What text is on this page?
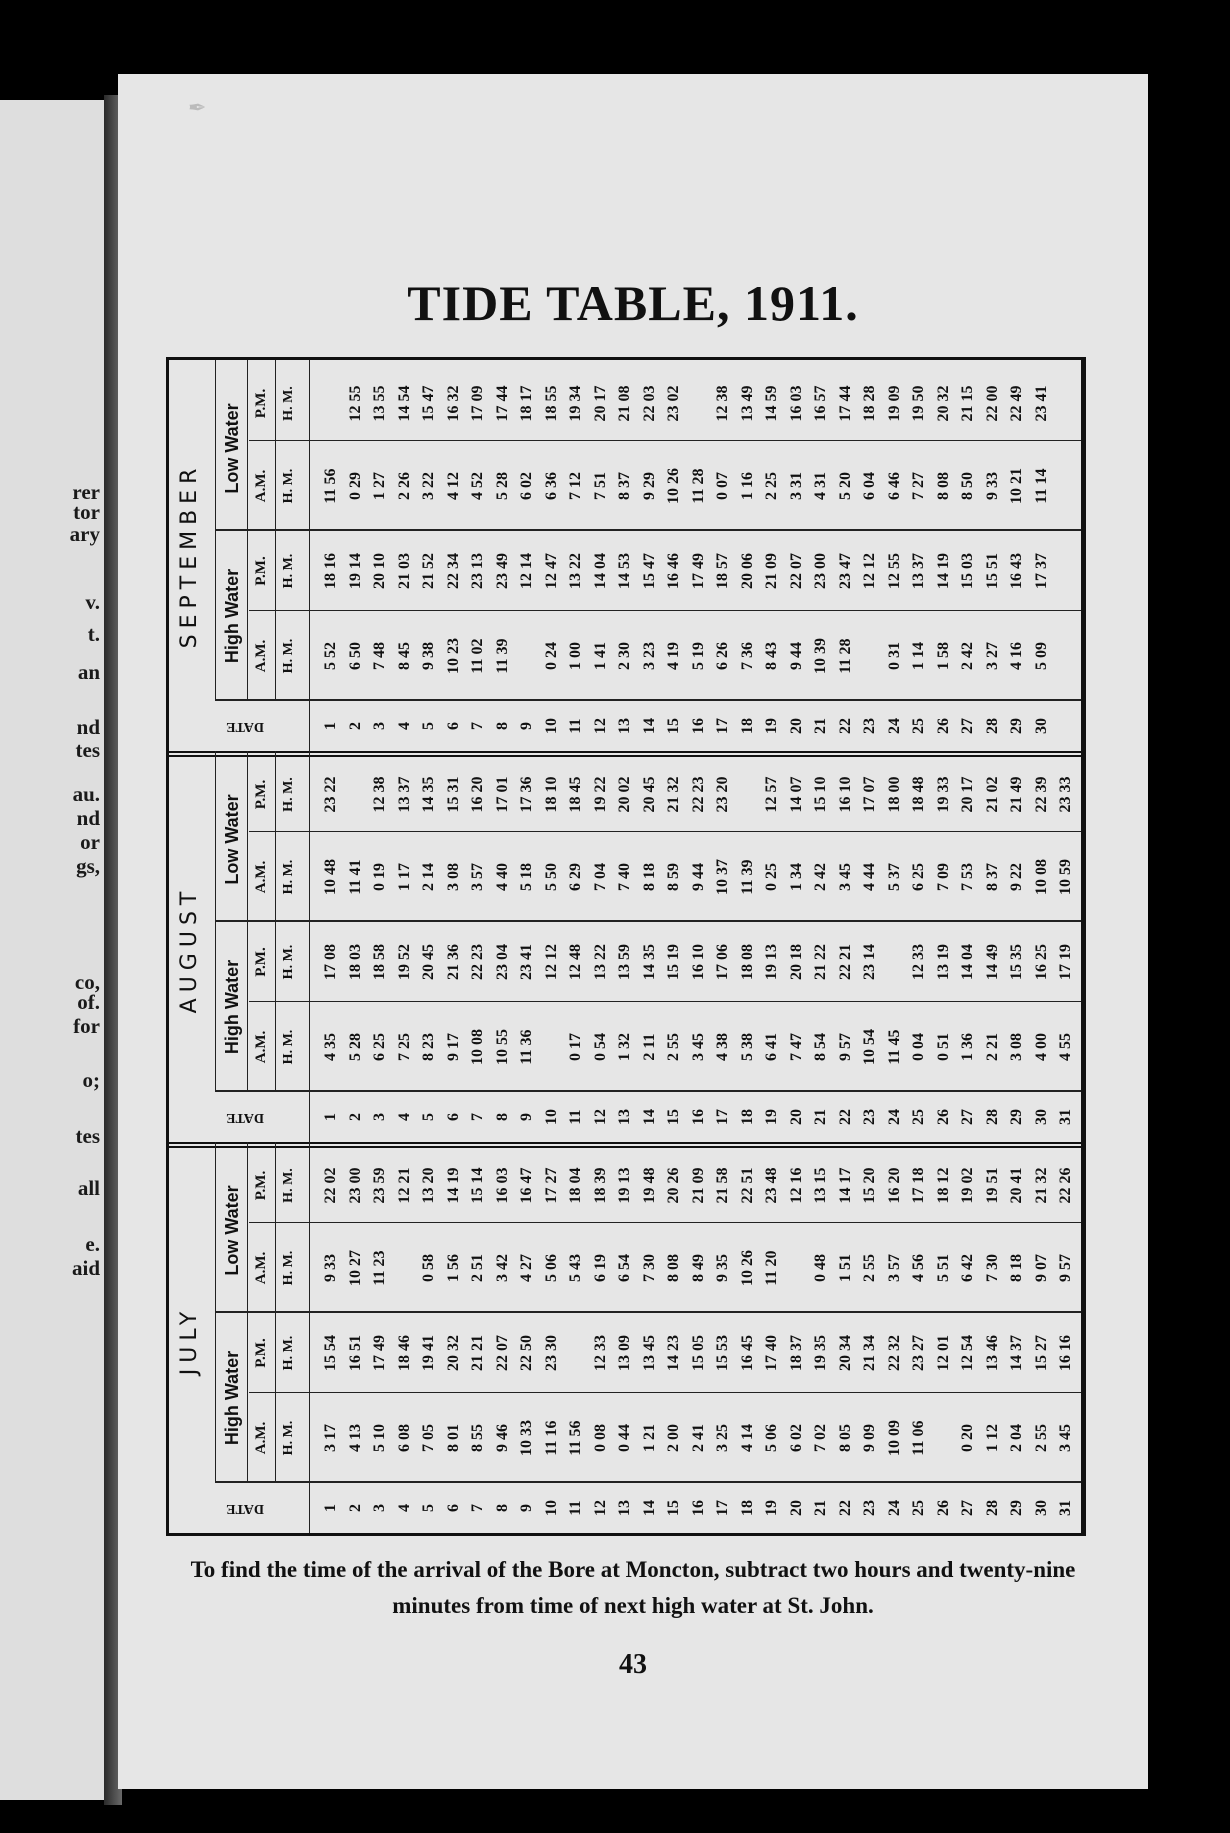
rer
tor
ary
v.
t.
an
nd
tes
au.
nd
or
gs,
co,
of.
for
o;
tes
all
e.
aid
✒
TIDE TABLE, 1911.
JULY
DATE
High Water
Low Water
A.M. H. M.
P.M. H. M.
A.M. H. M.
P.M. H. M.
1
3 17
15 54
9 33
22 02
2
4 13
16 51
10 27
23 00
3
5 10
17 49
11 23
23 59
4
6 08
18 46
12 21
5
7 05
19 41
0 58
13 20
6
8 01
20 32
1 56
14 19
7
8 55
21 21
2 51
15 14
8
9 46
22 07
3 42
16 03
9
10 33
22 50
4 27
16 47
10
11 16
23 30
5 06
17 27
11
11 56
5 43
18 04
12
0 08
12 33
6 19
18 39
13
0 44
13 09
6 54
19 13
14
1 21
13 45
7 30
19 48
15
2 00
14 23
8 08
20 26
16
2 41
15 05
8 49
21 09
17
3 25
15 53
9 35
21 58
18
4 14
16 45
10 26
22 51
19
5 06
17 40
11 20
23 48
20
6 02
18 37
12 16
21
7 02
19 35
0 48
13 15
22
8 05
20 34
1 51
14 17
23
9 09
21 34
2 55
15 20
24
10 09
22 32
3 57
16 20
25
11 06
23 27
4 56
17 18
26
12 01
5 51
18 12
27
0 20
12 54
6 42
19 02
28
1 12
13 46
7 30
19 51
29
2 04
14 37
8 18
20 41
30
2 55
15 27
9 07
21 32
31
3 45
16 16
9 57
22 26
AUGUST
DATE
High Water
Low Water
A.M. H. M.
P.M. H. M.
A.M. H. M.
P.M. H. M.
1
4 35
17 08
10 48
23 22
2
5 28
18 03
11 41
3
6 25
18 58
0 19
12 38
4
7 25
19 52
1 17
13 37
5
8 23
20 45
2 14
14 35
6
9 17
21 36
3 08
15 31
7
10 08
22 23
3 57
16 20
8
10 55
23 04
4 40
17 01
9
11 36
23 41
5 18
17 36
10
12 12
5 50
18 10
11
0 17
12 48
6 29
18 45
12
0 54
13 22
7 04
19 22
13
1 32
13 59
7 40
20 02
14
2 11
14 35
8 18
20 45
15
2 55
15 19
8 59
21 32
16
3 45
16 10
9 44
22 23
17
4 38
17 06
10 37
23 20
18
5 38
18 08
11 39
19
6 41
19 13
0 25
12 57
20
7 47
20 18
1 34
14 07
21
8 54
21 22
2 42
15 10
22
9 57
22 21
3 45
16 10
23
10 54
23 14
4 44
17 07
24
11 45
5 37
18 00
25
0 04
12 33
6 25
18 48
26
0 51
13 19
7 09
19 33
27
1 36
14 04
7 53
20 17
28
2 21
14 49
8 37
21 02
29
3 08
15 35
9 22
21 49
30
4 00
16 25
10 08
22 39
31
4 55
17 19
10 59
23 33
SEPTEMBER
DATE
High Water
Low Water
A.M. H. M.
P.M. H. M.
A.M. H. M.
P.M. H. M.
1
5 52
18 16
11 56
2
6 50
19 14
0 29
12 55
3
7 48
20 10
1 27
13 55
4
8 45
21 03
2 26
14 54
5
9 38
21 52
3 22
15 47
6
10 23
22 34
4 12
16 32
7
11 02
23 13
4 52
17 09
8
11 39
23 49
5 28
17 44
9
12 14
6 02
18 17
10
0 24
12 47
6 36
18 55
11
1 00
13 22
7 12
19 34
12
1 41
14 04
7 51
20 17
13
2 30
14 53
8 37
21 08
14
3 23
15 47
9 29
22 03
15
4 19
16 46
10 26
23 02
16
5 19
17 49
11 28
17
6 26
18 57
0 07
12 38
18
7 36
20 06
1 16
13 49
19
8 43
21 09
2 25
14 59
20
9 44
22 07
3 31
16 03
21
10 39
23 00
4 31
16 57
22
11 28
23 47
5 20
17 44
23
12 12
6 04
18 28
24
0 31
12 55
6 46
19 09
25
1 14
13 37
7 27
19 50
26
1 58
14 19
8 08
20 32
27
2 42
15 03
8 50
21 15
28
3 27
15 51
9 33
22 00
29
4 16
16 43
10 21
22 49
30
5 09
17 37
11 14
23 41
To find the time of the arrival of the Bore at Moncton, subtract two hours and twenty-nine minutes from time of next high water at St. John.
43
